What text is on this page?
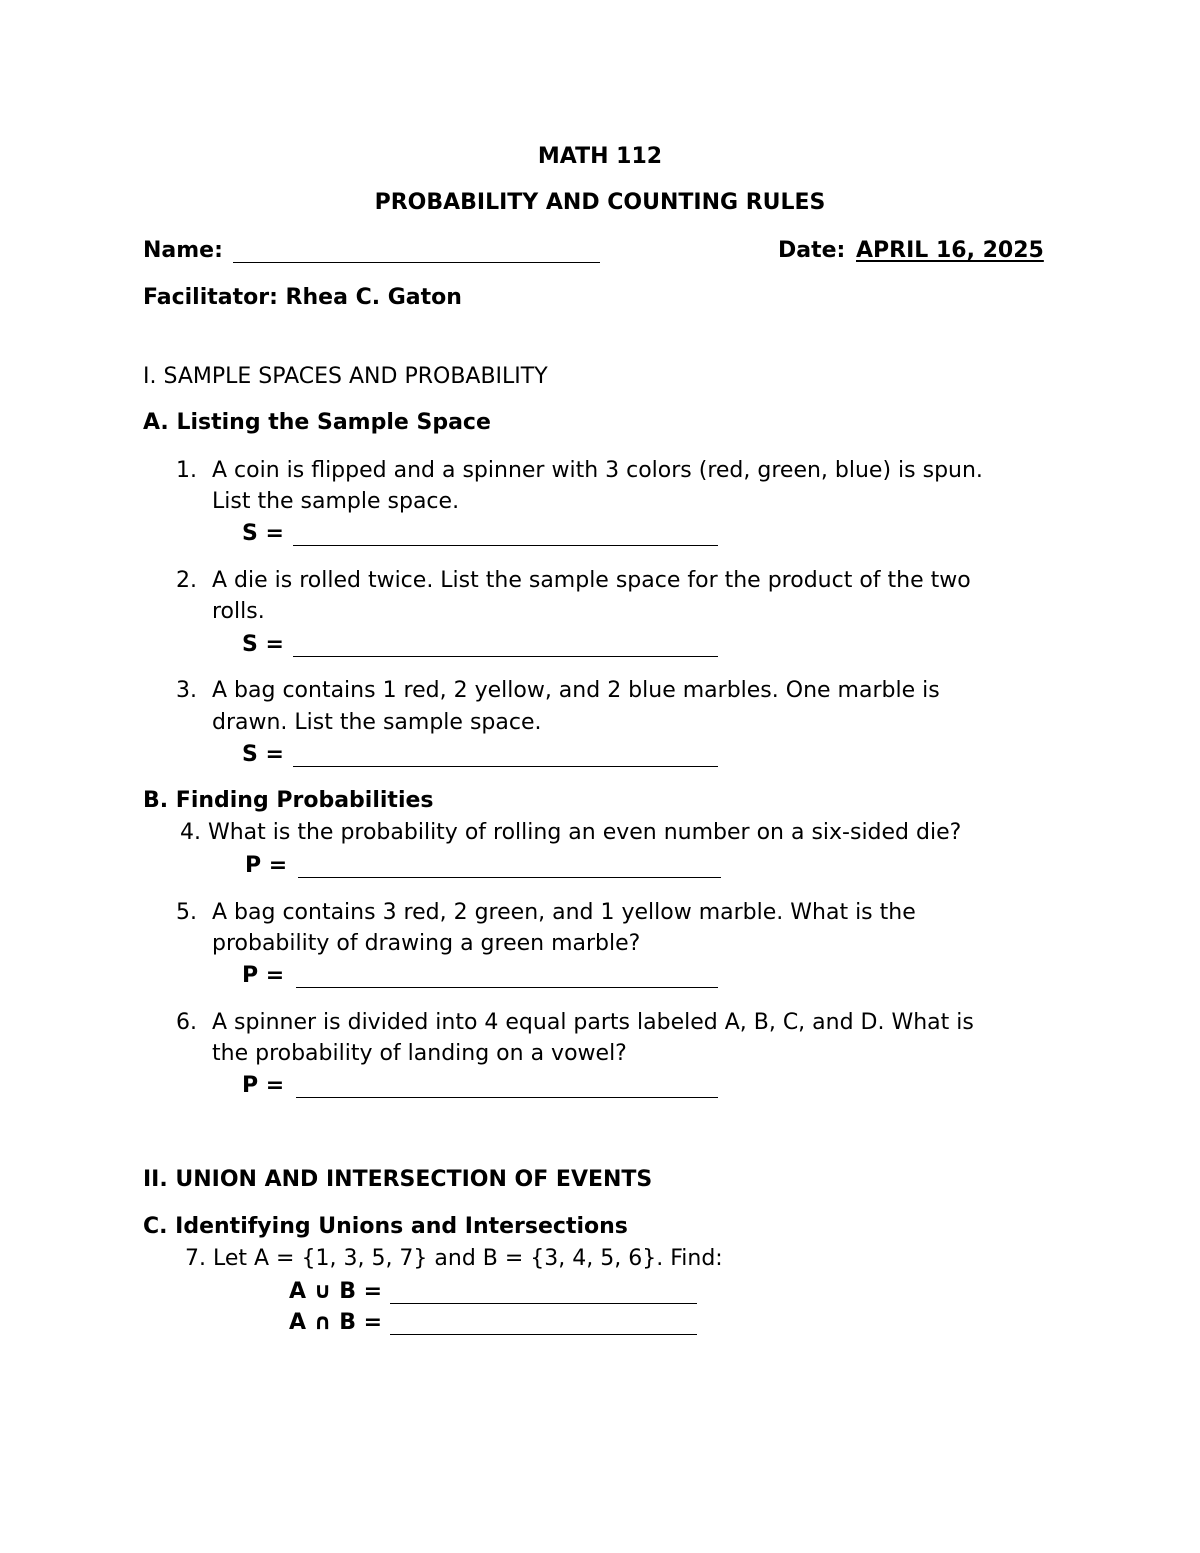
MATH 112
PROBABILITY AND COUNTING RULES
Name:	Date: APRIL 16, 2025
Facilitator: Rhea C. Gaton
I. SAMPLE SPACES AND PROBABILITY
A. Listing the Sample Space
1. A coin is flipped and a spinner with 3 colors (red, green, blue) is spun.
List the sample space.
S =
2. A die is rolled twice. List the sample space for the product of the two
rolls.
S =
3. A bag contains 1 red, 2 yellow, and 2 blue marbles. One marble is
drawn. List the sample space.
S =
B. Finding Probabilities
4. What is the probability of rolling an even number on a six-sided die?
P =
5. A bag contains 3 red, 2 green, and 1 yellow marble. What is the
probability of drawing a green marble?
P =
6. A spinner is divided into 4 equal parts labeled A, B, C, and D. What is
the probability of landing on a vowel?
P =
II. UNION AND INTERSECTION OF EVENTS
C. Identifying Unions and Intersections
7. Let A = {1, 3, 5, 7} and B = {3, 4, 5, 6}. Find:
A ∪ B =
A ∩ B =
